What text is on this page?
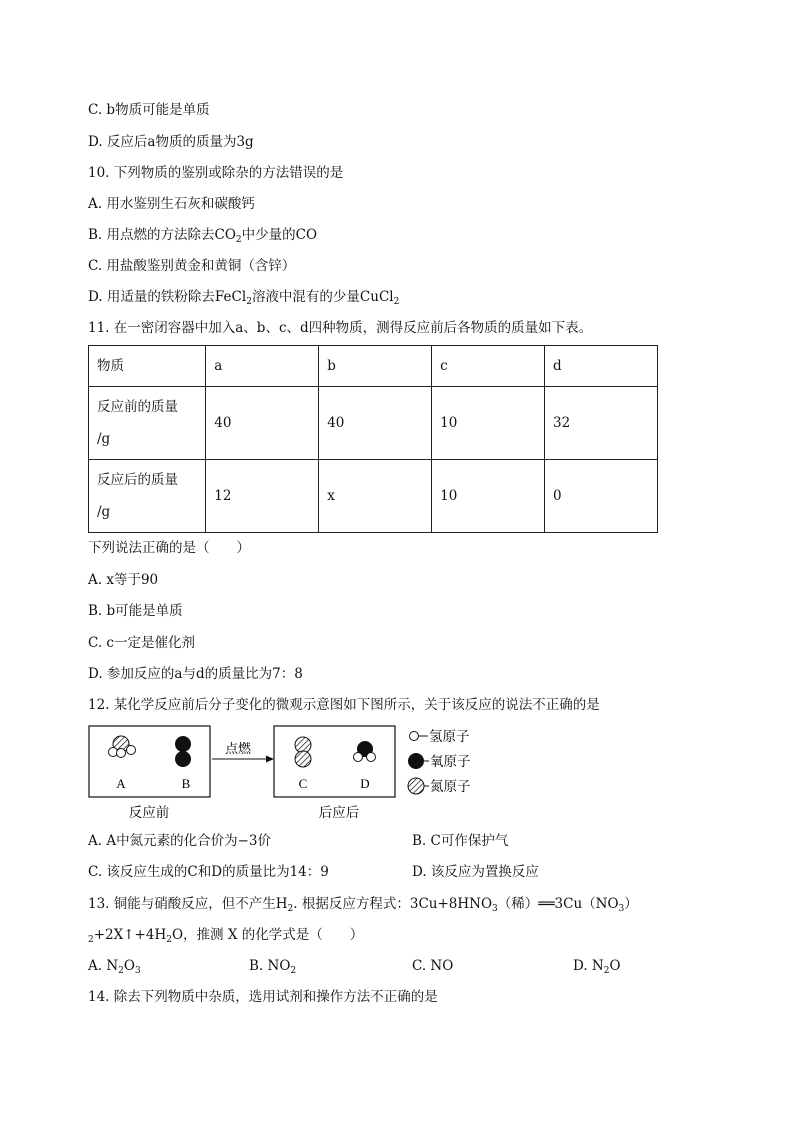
C. b物质可能是单质
D. 反应后a物质的质量为3g
10. 下列物质的鉴别或除杂的方法错误的是
A. 用水鉴别生石灰和碳酸钙
B. 用点燃的方法除去$CO_2$中少量的CO
C. 用盐酸鉴别黄金和黄铜（含锌）
D. 用适量的铁粉除去FeCl$_2$溶液中混有的少量CuCl$_2$
11. 在一密闭容器中加入a、b、c、d四种物质，测得反应前后各物质的质量如下表。
物质	a	b	c	d
反应前的质量
/g	40	40	10	32
反应后的质量
/g	12	x	10	0
下列说法正确的是（　　）
A. x等于90
B. b可能是单质
C. c一定是催化剂
D. 参加反应的a与d的质量比为7：8
12. 某化学反应前后分子变化的微观示意图如下图所示，关于该反应的说法不正确的是
A	B
反应前
点燃
C	D
后应后
氢原子
氧原子
氮原子
A. A中氮元素的化合价为−3价	B. C可作保护气
C. 该反应生成的C和D的质量比为14：9	D. 该反应为置换反应
13. 铜能与硝酸反应，但不产生$H_2$. 根据反应方程式：$3Cu+8HNO_3$（稀）$══3Cu(NO_3)$
$_2+2X↑+4H_2O$，推测 X 的化学式是（　　）
A. $N_2O_3$	B. $NO_2$	C. NO	D. $N_2O$
14. 除去下列物质中杂质，选用试剂和操作方法不正确的是
